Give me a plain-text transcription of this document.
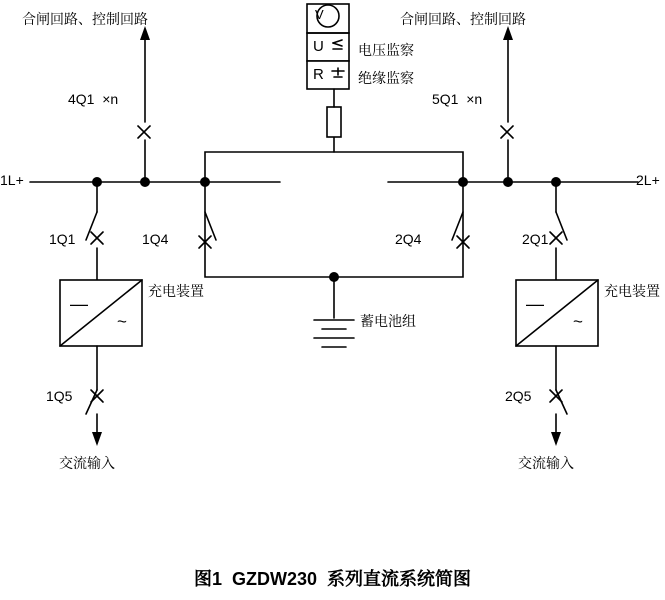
合闸回路、控制回路	合闸回路、控制回路
V
U
R
电压监察
绝缘监察
4Q1  ×n	5Q1  ×n
1L+	2L+
1Q1	1Q4	2Q4	2Q1
—
~
—
~
充电装置	充电装置
蓄电池组
1Q5	2Q5
交流输入	交流输入
图1  GZDW230  系列直流系统简图
